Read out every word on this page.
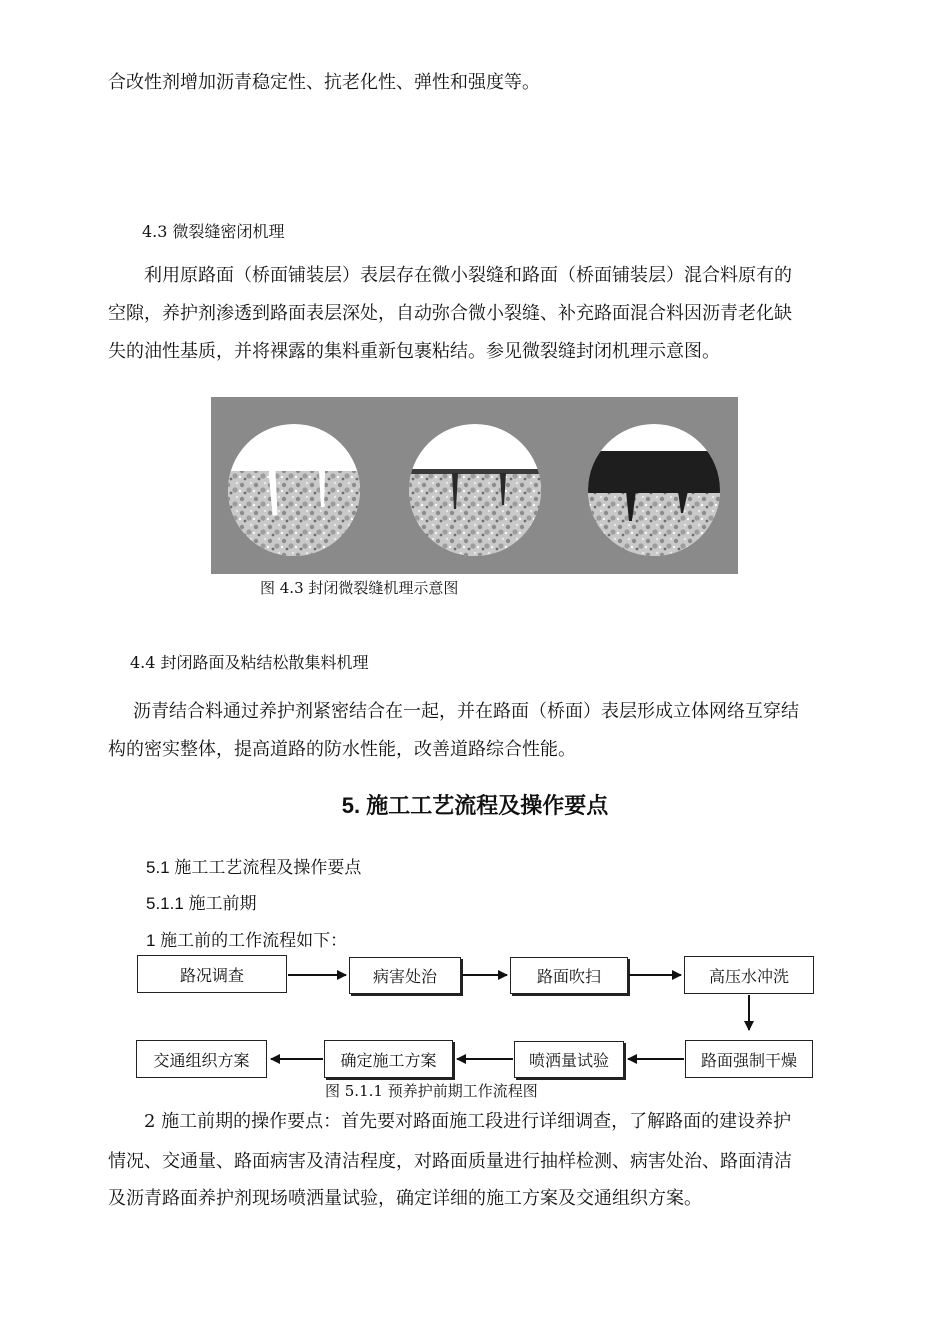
合改性剂增加沥青稳定性、抗老化性、弹性和强度等。
4.3 微裂缝密闭机理
利用原路面（桥面铺装层）表层存在微小裂缝和路面（桥面铺装层）混合料原有的
空隙，养护剂渗透到路面表层深处，自动弥合微小裂缝、补充路面混合料因沥青老化缺
失的油性基质，并将裸露的集料重新包裹粘结。参见微裂缝封闭机理示意图。
图 4.3 封闭微裂缝机理示意图
4.4 封闭路面及粘结松散集料机理
沥青结合料通过养护剂紧密结合在一起，并在路面（桥面）表层形成立体网络互穿结
构的密实整体，提高道路的防水性能，改善道路综合性能。
5. 施工工艺流程及操作要点
5.1 施工工艺流程及操作要点
5.1.1 施工前期
1 施工前的工作流程如下：
路况调查	病害处治	路面吹扫	高压水冲洗
交通组织方案	确定施工方案	喷洒量试验	路面强制干燥
图 5.1.1 预养护前期工作流程图
2 施工前期的操作要点：首先要对路面施工段进行详细调查，了解路面的建设养护
情况、交通量、路面病害及清洁程度，对路面质量进行抽样检测、病害处治、路面清洁
及沥青路面养护剂现场喷洒量试验，确定详细的施工方案及交通组织方案。
